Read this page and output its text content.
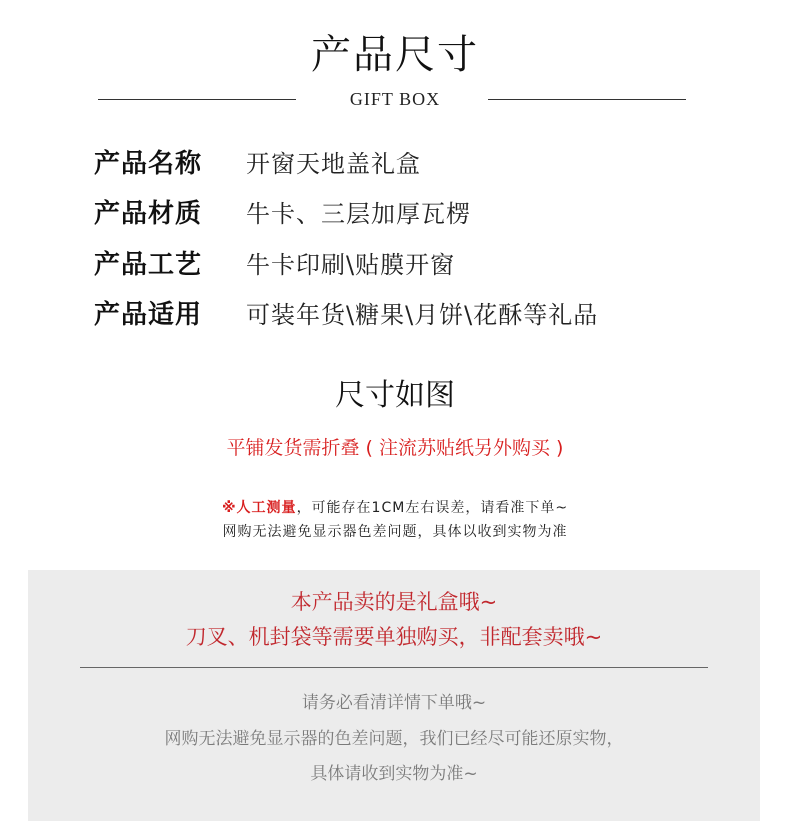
产品尺寸
GIFT BOX
产品名称	开窗天地盖礼盒
产品材质	牛卡、三层加厚瓦楞
产品工艺	牛卡印刷\贴膜开窗
产品适用	可装年货\糖果\月饼\花酥等礼品
尺寸如图
平铺发货需折叠 ( 注流苏贴纸另外购买 )
※人工测量，可能存在1CM左右误差，请看准下单~
网购无法避免显示器色差问题，具体以收到实物为准
本产品卖的是礼盒哦~
刀叉、机封袋等需要单独购买，非配套卖哦~
请务必看清详情下单哦~
网购无法避免显示器的色差问题，我们已经尽可能还原实物，
具体请收到实物为准~
